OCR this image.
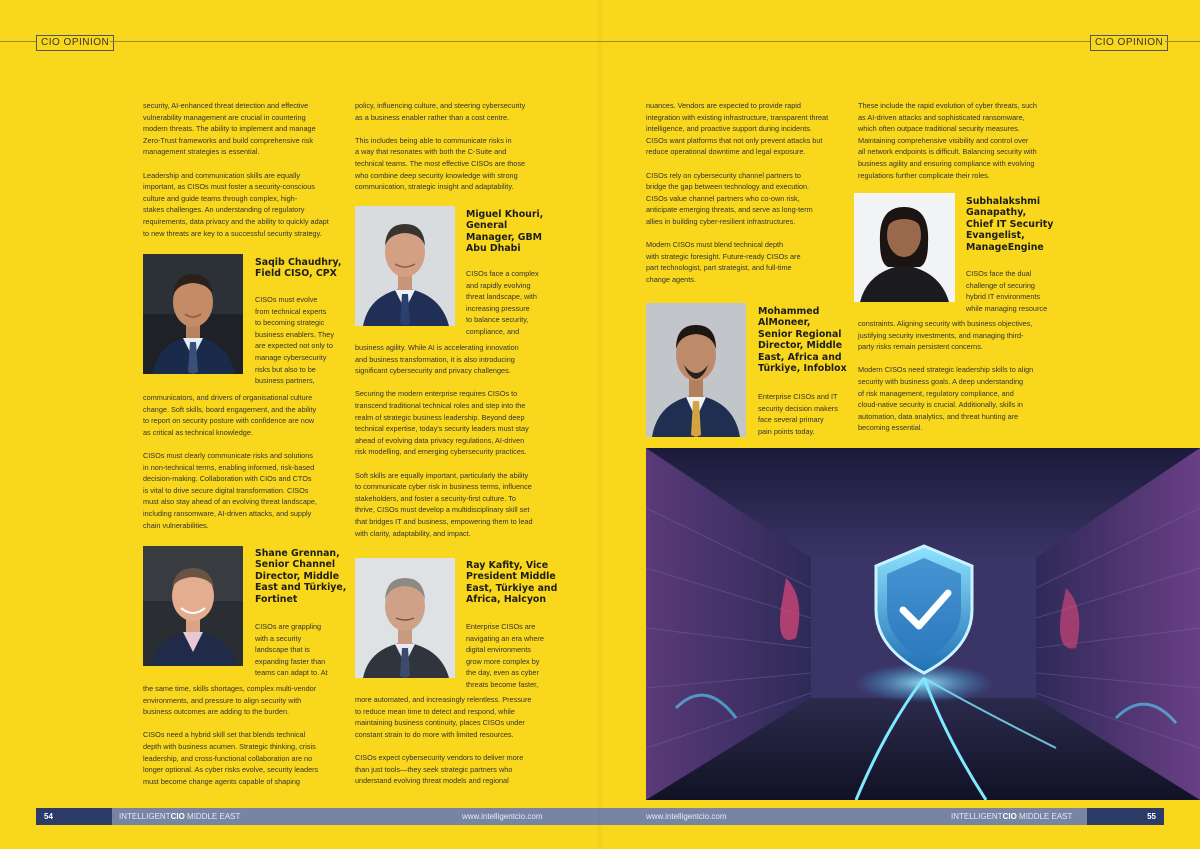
CIO OPINION

security, AI-enhanced threat detection and effective
vulnerability management are crucial in countering
modern threats. The ability to implement and manage
Zero-Trust frameworks and build comprehensive risk
management strategies is essential.

Leadership and communication skills are equally
important, as CISOs must foster a security-conscious
culture and guide teams through complex, high-
stakes challenges. An understanding of regulatory
requirements, data privacy and the ability to quickly adapt
to new threats are key to a successful security strategy.

Saqib Chaudhry,
Field CISO, CPX

CISOs must evolve
from technical experts
to becoming strategic
business enablers. They
are expected not only to
manage cybersecurity
risks but also to be
business partners,

communicators, and drivers of organisational culture
change. Soft skills, board engagement, and the ability
to report on security posture with confidence are now
as critical as technical knowledge.

CISOs must clearly communicate risks and solutions
in non-technical terms, enabling informed, risk-based
decision-making. Collaboration with CIOs and CTOs
is vital to drive secure digital transformation. CISOs
must also stay ahead of an evolving threat landscape,
including ransomware, AI-driven attacks, and supply
chain vulnerabilities.

Shane Grennan,
Senior Channel
Director, Middle
East and Türkiye,
Fortinet

CISOs are grappling
with a security
landscape that is
expanding faster than
teams can adapt to. At

the same time, skills shortages, complex multi-vendor
environments, and pressure to align security with
business outcomes are adding to the burden.

CISOs need a hybrid skill set that blends technical
depth with business acumen. Strategic thinking, crisis
leadership, and cross-functional collaboration are no
longer optional. As cyber risks evolve, security leaders
must become change agents capable of shaping

policy, influencing culture, and steering cybersecurity
as a business enabler rather than a cost centre.

This includes being able to communicate risks in
a way that resonates with both the C-Suite and
technical teams. The most effective CISOs are those
who combine deep security knowledge with strong
communication, strategic insight and adaptability.

Miguel Khouri,
General
Manager, GBM
Abu Dhabi

CISOs face a complex
and rapidly evolving
threat landscape, with
increasing pressure
to balance security,
compliance, and

business agility. While AI is accelerating innovation
and business transformation, it is also introducing
significant cybersecurity and privacy challenges.

Securing the modern enterprise requires CISOs to
transcend traditional technical roles and step into the
realm of strategic business leadership. Beyond deep
technical expertise, today's security leaders must stay
ahead of evolving data privacy regulations, AI-driven
risk modelling, and emerging cybersecurity practices.

Soft skills are equally important, particularly the ability
to communicate cyber risk in business terms, influence
stakeholders, and foster a security-first culture. To
thrive, CISOs must develop a multidisciplinary skill set
that bridges IT and business, empowering them to lead
with clarity, adaptability, and impact.

Ray Kafity, Vice
President Middle
East, Türkiye and
Africa, Halcyon

Enterprise CISOs are
navigating an era where
digital environments
grow more complex by
the day, even as cyber
threats become faster,

more automated, and increasingly relentless. Pressure
to reduce mean time to detect and respond, while
maintaining business continuity, places CISOs under
constant strain to do more with limited resources.

CISOs expect cybersecurity vendors to deliver more
than just tools—they seek strategic partners who
understand evolving threat models and regional

54	INTELLIGENTCIO MIDDLE EAST	www.intelligentcio.com
CIO OPINION

nuances. Vendors are expected to provide rapid
integration with existing infrastructure, transparent threat
intelligence, and proactive support during incidents.
CISOs want platforms that not only prevent attacks but
reduce operational downtime and legal exposure.

CISOs rely on cybersecurity channel partners to
bridge the gap between technology and execution.
CISOs value channel partners who co-own risk,
anticipate emerging threats, and serve as long-term
allies in building cyber-resilient infrastructures.

Modern CISOs must blend technical depth
with strategic foresight. Future-ready CISOs are
part technologist, part strategist, and full-time
change agents.

Mohammed
AlMoneer,
Senior Regional
Director, Middle
East, Africa and
Türkiye, Infoblox

Enterprise CISOs and IT
security decision makers
face several primary
pain points today.

These include the rapid evolution of cyber threats, such
as AI-driven attacks and sophisticated ransomware,
which often outpace traditional security measures.
Maintaining comprehensive visibility and control over
all network endpoints is difficult. Balancing security with
business agility and ensuring compliance with evolving
regulations further complicate their roles.

Subhalakshmi
Ganapathy,
Chief IT Security
Evangelist,
ManageEngine

CISOs face the dual
challenge of securing
hybrid IT environments
while managing resource

constraints. Aligning security with business objectives,
justifying security investments, and managing third-
party risks remain persistent concerns.

Modern CISOs need strategic leadership skills to align
security with business goals. A deep understanding
of risk management, regulatory compliance, and
cloud-native security is crucial. Additionally, skills in
automation, data analytics, and threat hunting are
becoming essential.

55
www.intelligentcio.com	INTELLIGENTCIO MIDDLE EAST
